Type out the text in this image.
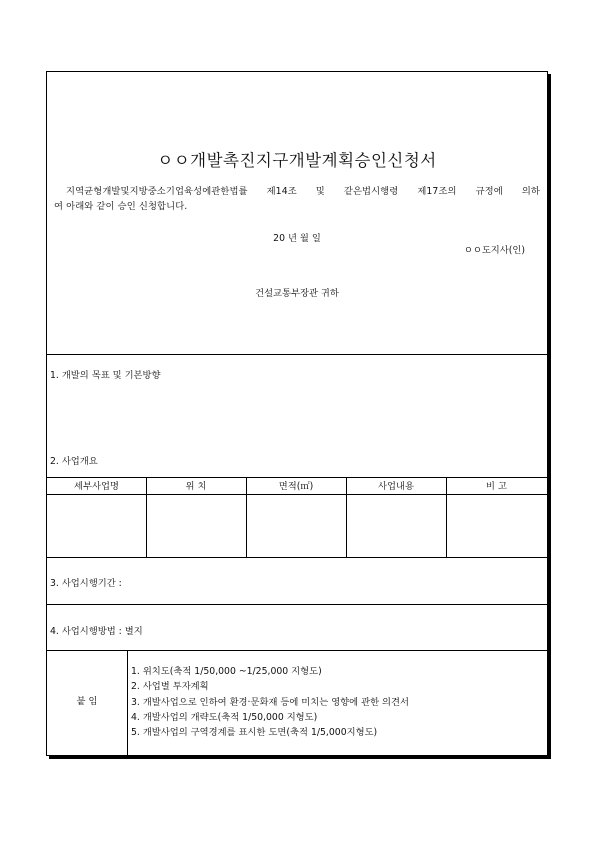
ㅇㅇ개발촉진지구개발계획승인신청서
지역균형개발및지방중소기업육성에관한법률 제14조 및 같은법시행령 제17조의 규정에 의하
여 아래와 같이 승인 신청합니다.
20 년 월 일
ㅇㅇ도지사(인)
건설교통부장관 귀하
1. 개발의 목표 및 기본방향
2. 사업개요
세부사업명	위 치	면적(㎡)	사업내용	비 고
3. 사업시행기간 :
4. 사업시행방법 : 별지
붙 임
1. 위치도(축적 1/50,000 ~1/25,000 지형도)
2. 사업별 투자계획
3. 개발사업으로 인하여 환경·문화재 등에 미치는 영향에 관한 의견서
4. 개발사업의 개략도(축적 1/50,000 지형도)
5. 개발사업의 구역경계를 표시한 도면(축적 1/5,000지형도)
